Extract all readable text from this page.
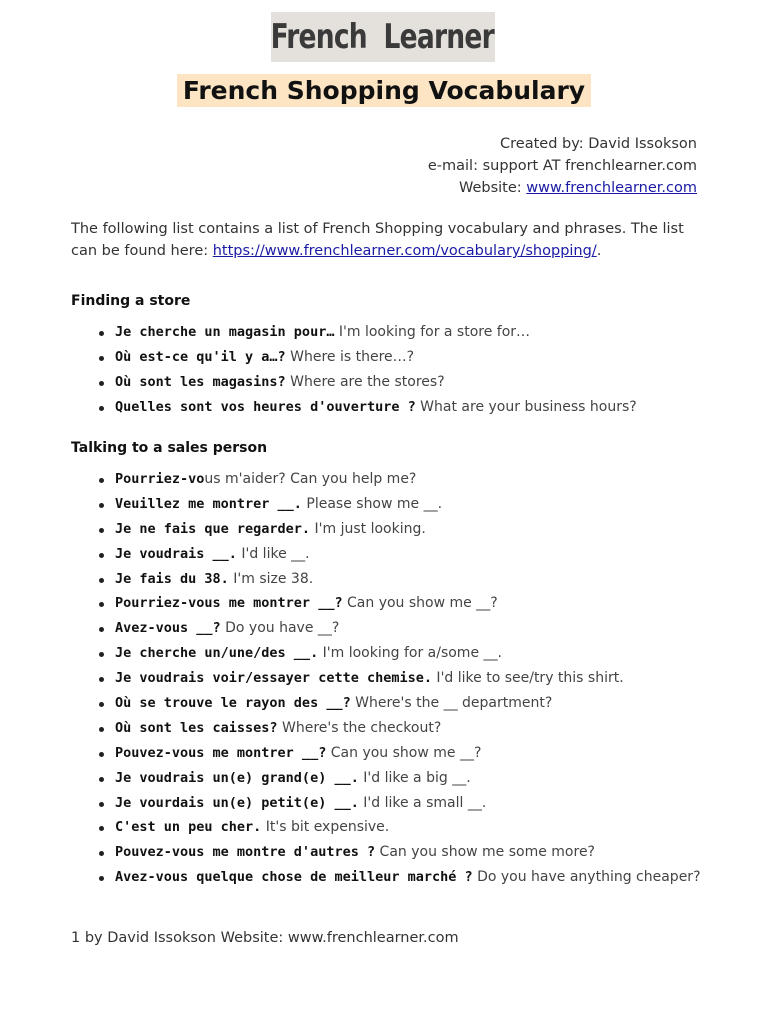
French Learner
French Shopping Vocabulary
Created by: David Issokson
e-mail: support AT frenchlearner.com
Website: www.frenchlearner.com
The following list contains a list of French Shopping vocabulary and phrases. The list can be found here: https://www.frenchlearner.com/vocabulary/shopping/.
Finding a store
Je cherche un magasin pour… I'm looking for a store for…
Où est-ce qu'il y a…? Where is there…?
Où sont les magasins? Where are the stores?
Quelles sont vos heures d'ouverture ? What are your business hours?
Talking to a sales person
Pourriez-vous m'aider? Can you help me?
Veuillez me montrer __. Please show me __.
Je ne fais que regarder. I'm just looking.
Je voudrais __. I'd like __.
Je fais du 38. I'm size 38.
Pourriez-vous me montrer __? Can you show me __?
Avez-vous __? Do you have __?
Je cherche un/une/des __. I'm looking for a/some __.
Je voudrais voir/essayer cette chemise. I'd like to see/try this shirt.
Où se trouve le rayon des __? Where's the __ department?
Où sont les caisses? Where's the checkout?
Pouvez-vous me montrer __? Can you show me __?
Je voudrais un(e) grand(e) __. I'd like a big __.
Je vourdais un(e) petit(e) __. I'd like a small __.
C'est un peu cher. It's bit expensive.
Pouvez-vous me montre d'autres ? Can you show me some more?
Avez-vous quelque chose de meilleur marché ? Do you have anything cheaper?
1 by David Issokson Website: www.frenchlearner.com
